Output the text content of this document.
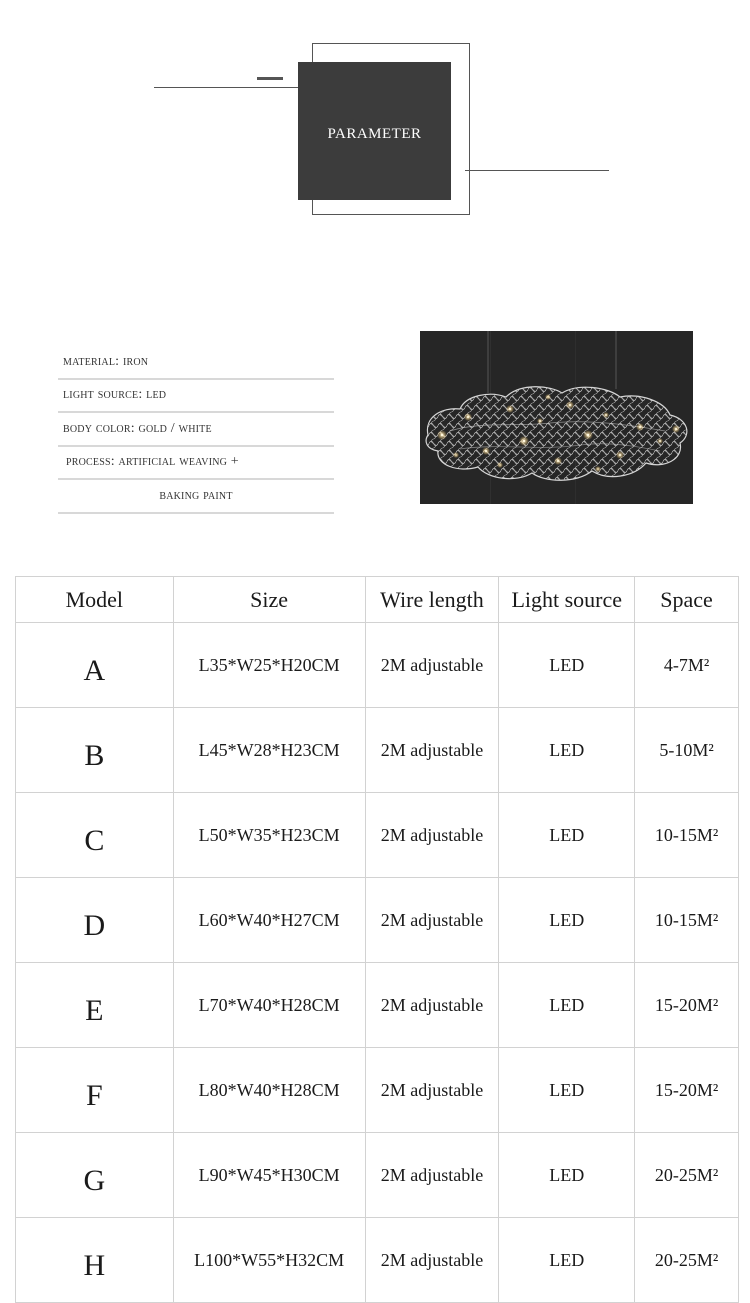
parameter
material: iron
light source: led
body color: gold / white
process: artificial weaving +
baking paint
Model	Size	Wire length	Light source	Space
A	L35*W25*H20CM	2M adjustable	LED	4-7M²
B	L45*W28*H23CM	2M adjustable	LED	5-10M²
C	L50*W35*H23CM	2M adjustable	LED	10-15M²
D	L60*W40*H27CM	2M adjustable	LED	10-15M²
E	L70*W40*H28CM	2M adjustable	LED	15-20M²
F	L80*W40*H28CM	2M adjustable	LED	15-20M²
G	L90*W45*H30CM	2M adjustable	LED	20-25M²
H	L100*W55*H32CM	2M adjustable	LED	20-25M²
